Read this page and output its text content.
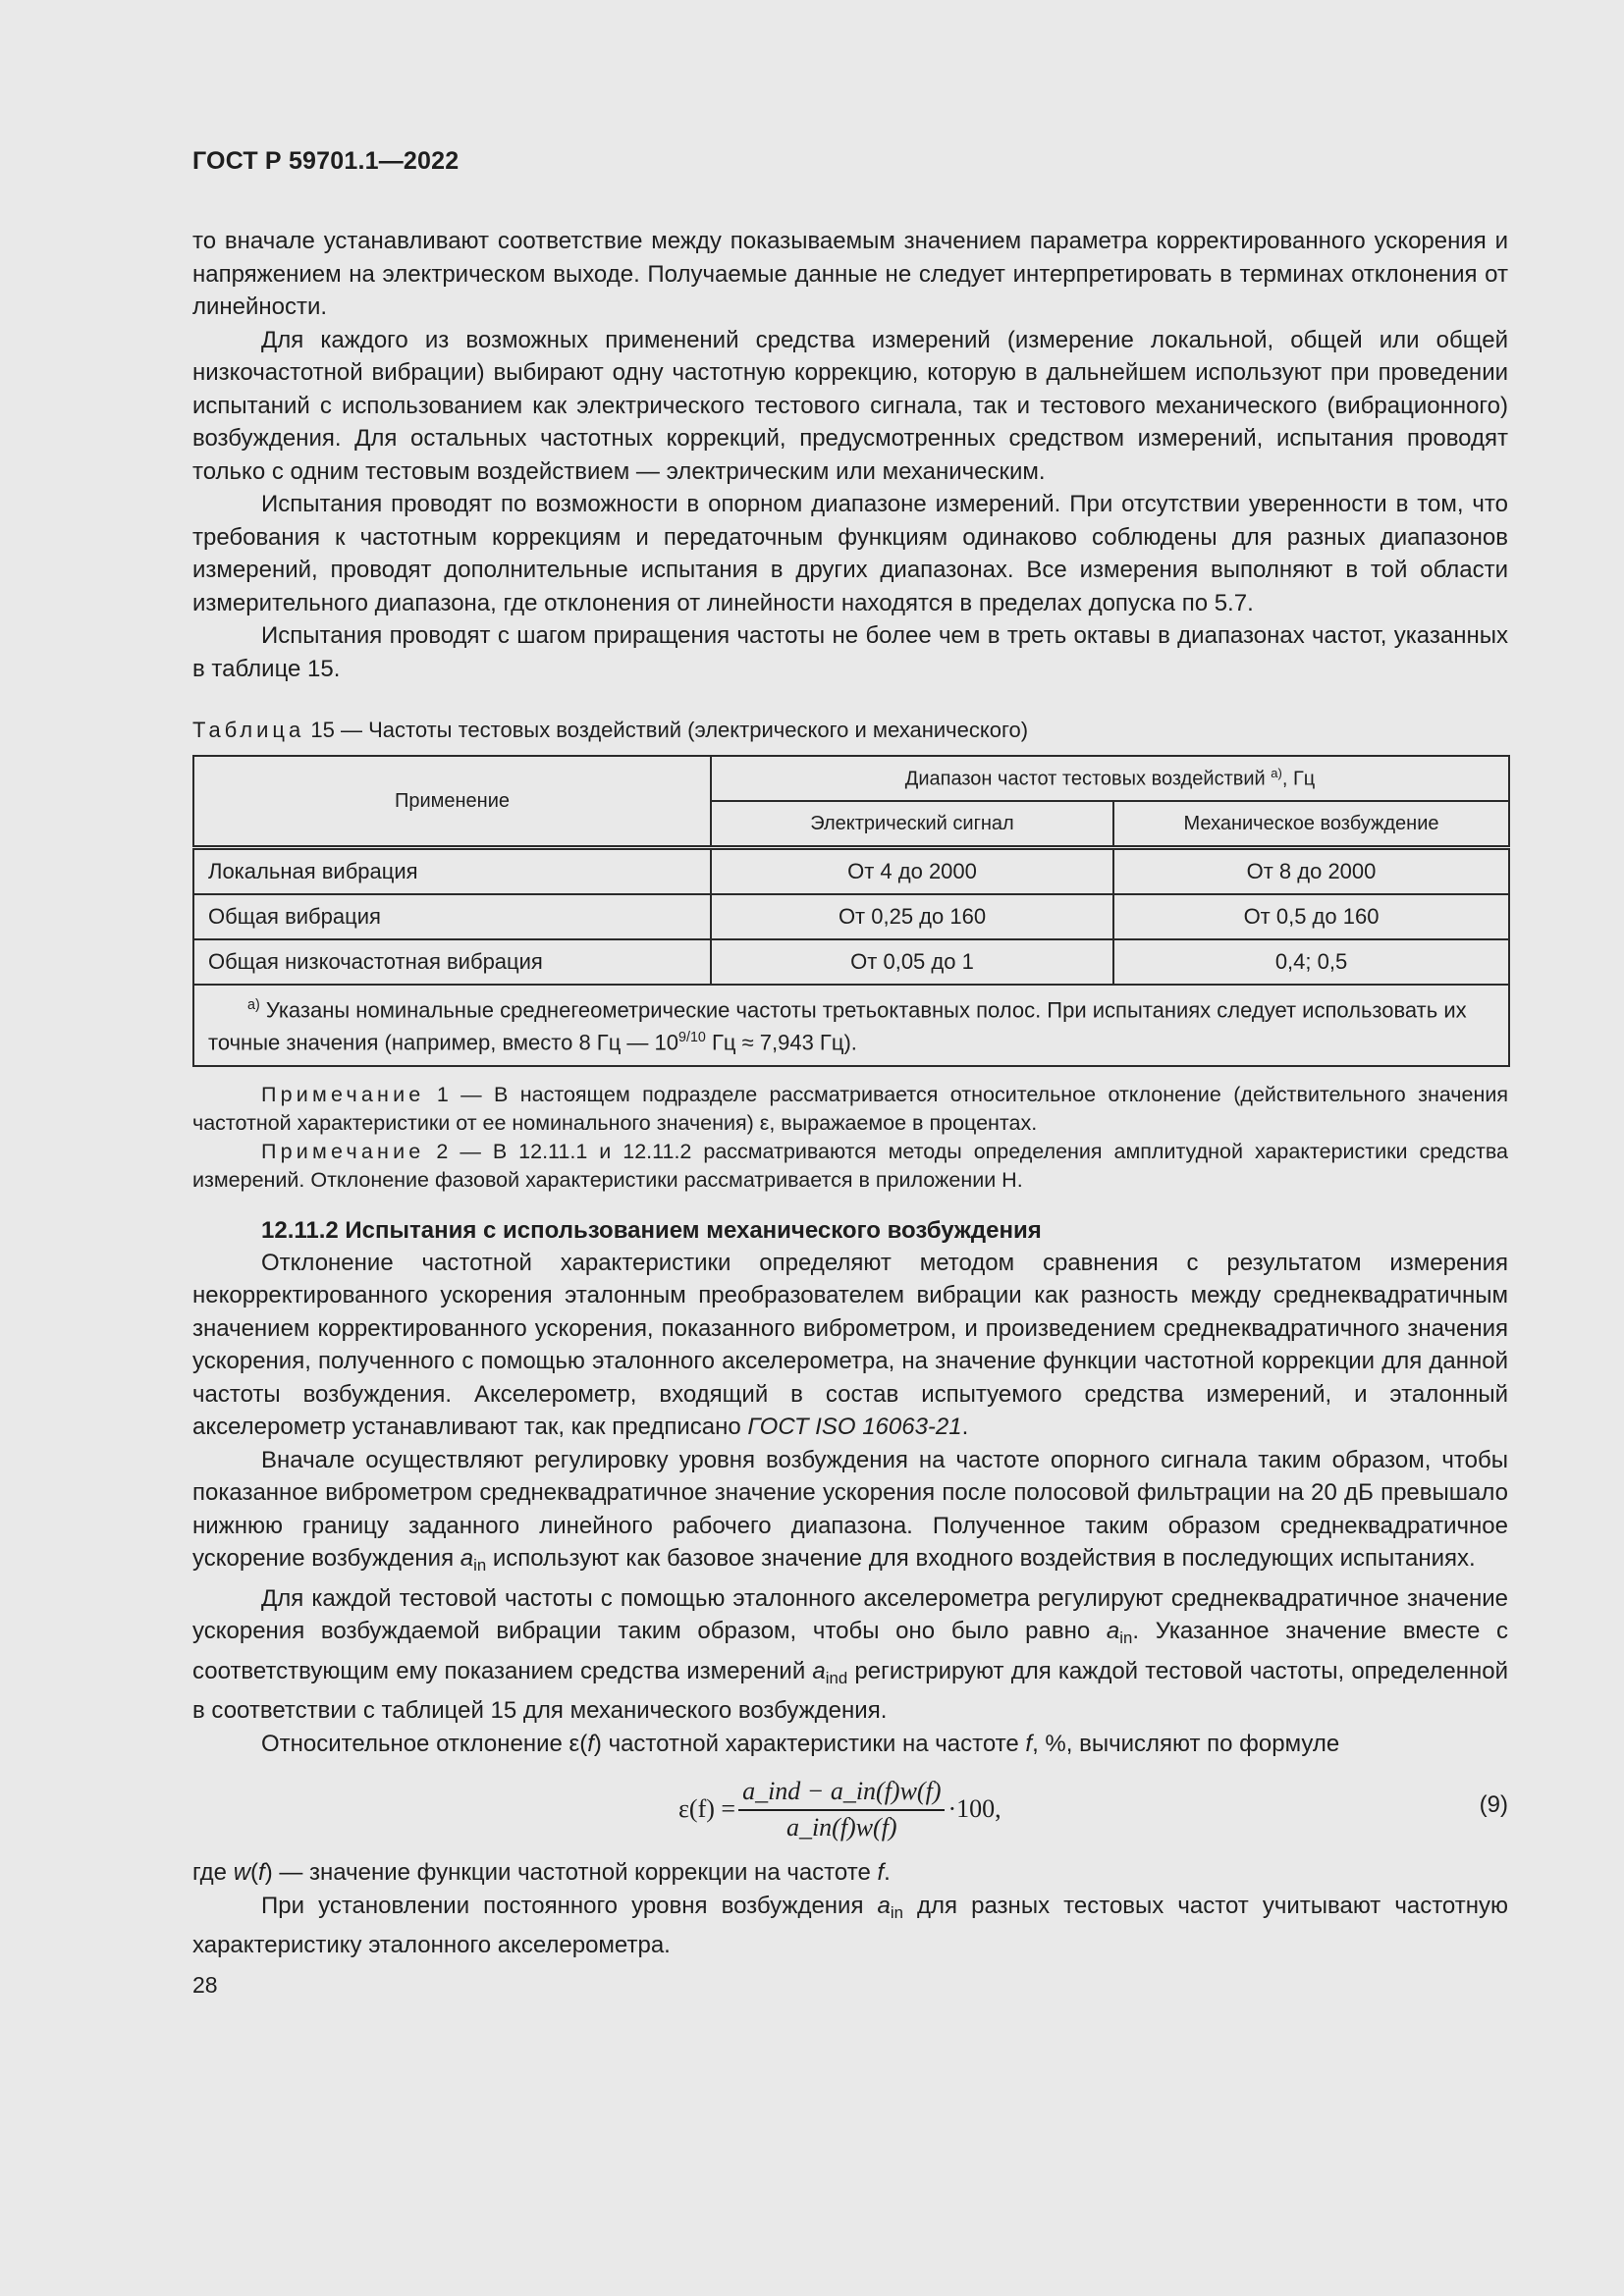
ГОСТ Р 59701.1—2022

то вначале устанавливают соответствие между показываемым значением параметра корректированного ускорения и напряжением на электрическом выходе. Получаемые данные не следует интерпретировать в терминах отклонения от линейности.

Для каждого из возможных применений средства измерений (измерение локальной, общей или общей низкочастотной вибрации) выбирают одну частотную коррекцию, которую в дальнейшем используют при проведении испытаний с использованием как электрического тестового сигнала, так и тестового механического (вибрационного) возбуждения. Для остальных частотных коррекций, предусмотренных средством измерений, испытания проводят только с одним тестовым воздействием — электрическим или механическим.

Испытания проводят по возможности в опорном диапазоне измерений. При отсутствии уверенности в том, что требования к частотным коррекциям и передаточным функциям одинаково соблюдены для разных диапазонов измерений, проводят дополнительные испытания в других диапазонах. Все измерения выполняют в той области измерительного диапазона, где отклонения от линейности находятся в пределах допуска по 5.7.

Испытания проводят с шагом приращения частоты не более чем в треть октавы в диапазонах частот, указанных в таблице 15.

Таблица 15 — Частоты тестовых воздействий (электрического и механического)
Применение	Диапазон частот тестовых воздействий $^{а)}$, Гц	
	Электрический сигнал	Механическое возбуждение
Локальная вибрация	От 4 до 2000	От 8 до 2000
Общая вибрация	От 0,25 до 160	От 0,5 до 160
Общая низкочастотная вибрация	От 0,05 до 1	0,4; 0,5
$^{а)}$ Указаны номинальные среднегеометрические частоты третьоктавных полос. При испытаниях следует использовать их точные значения (например, вместо 8 Гц — $10^{9/10}$ Гц ≈ 7,943 Гц).		
Примечание 1 — В настоящем подразделе рассматривается относительное отклонение (действительного значения частотной характеристики от ее номинального значения) ε, выражаемое в процентах.
Примечание 2 — В 12.11.1 и 12.11.2 рассматриваются методы определения амплитудной характеристики средства измерений. Отклонение фазовой характеристики рассматривается в приложении Н.
12.11.2 Испытания с использованием механического возбуждения

Отклонение частотной характеристики определяют методом сравнения с результатом измерения некорректированного ускорения эталонным преобразователем вибрации как разность между среднеквадратичным значением корректированного ускорения, показанного виброметром, и произведением среднеквадратичного значения ускорения, полученного с помощью эталонного акселерометра, на значение функции частотной коррекции для данной частоты возбуждения. Акселерометр, входящий в состав испытуемого средства измерений, и эталонный акселерометр устанавливают так, как предписано ГОСТ ISO 16063-21.

Вначале осуществляют регулировку уровня возбуждения на частоте опорного сигнала таким образом, чтобы показанное виброметром среднеквадратичное значение ускорения после полосовой фильтрации на 20 дБ превышало нижнюю границу заданного линейного рабочего диапазона. Полученное таким образом среднеквадратичное ускорение возбуждения $a_{in}$ используют как базовое значение для входного воздействия в последующих испытаниях.

Для каждой тестовой частоты с помощью эталонного акселерометра регулируют среднеквадратичное значение ускорения возбуждаемой вибрации таким образом, чтобы оно было равно $a_{in}$. Указанное значение вместе с соответствующим ему показанием средства измерений $a_{ind}$ регистрируют для каждой тестовой частоты, определенной в соответствии с таблицей 15 для механического возбуждения.

Относительное отклонение ε(f) частотной характеристики на частоте f, %, вычисляют по формуле

$\varepsilon(f) = \frac{\text{a\_ind − a\_in(f)w(f)}}{a\_in(f)w(f)} \cdot 100$,	(9)

где w(f) — значение функции частотной коррекции на частоте f.

При установлении постоянного уровня возбуждения $a_{in}$ для разных тестовых частот учитывают частотную характеристику эталонного акселерометра.

28
